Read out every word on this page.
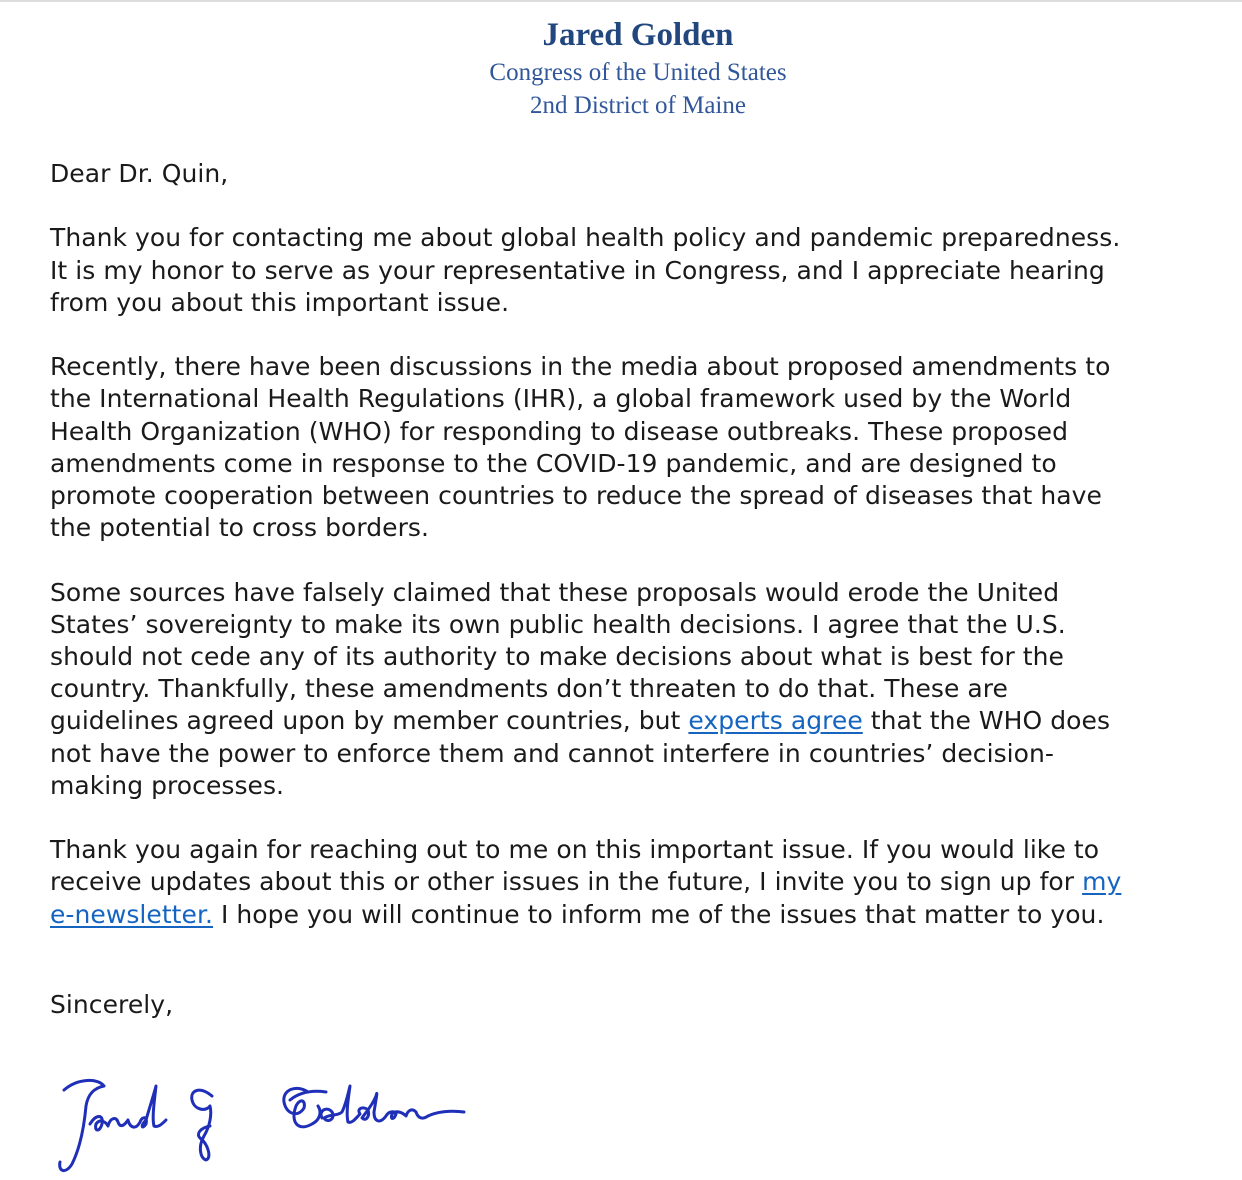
Jared Golden
Congress of the United States
2nd District of Maine

Dear Dr. Quin,

Thank you for contacting me about global health policy and pandemic preparedness.

It is my honor to serve as your representative in Congress, and I appreciate hearing

from you about this important issue.

Recently, there have been discussions in the media about proposed amendments to

the International Health Regulations (IHR), a global framework used by the World

Health Organization (WHO) for responding to disease outbreaks. These proposed

amendments come in response to the COVID-19 pandemic, and are designed to

promote cooperation between countries to reduce the spread of diseases that have

the potential to cross borders.

Some sources have falsely claimed that these proposals would erode the United

States’ sovereignty to make its own public health decisions. I agree that the U.S.

should not cede any of its authority to make decisions about what is best for the

country. Thankfully, these amendments don’t threaten to do that. These are

guidelines agreed upon by member countries, but experts agree that the WHO does

not have the power to enforce them and cannot interfere in countries’ decision-

making processes.

Thank you again for reaching out to me on this important issue. If you would like to

receive updates about this or other issues in the future, I invite you to sign up for my

e-newsletter. I hope you will continue to inform me of the issues that matter to you.

Sincerely,
